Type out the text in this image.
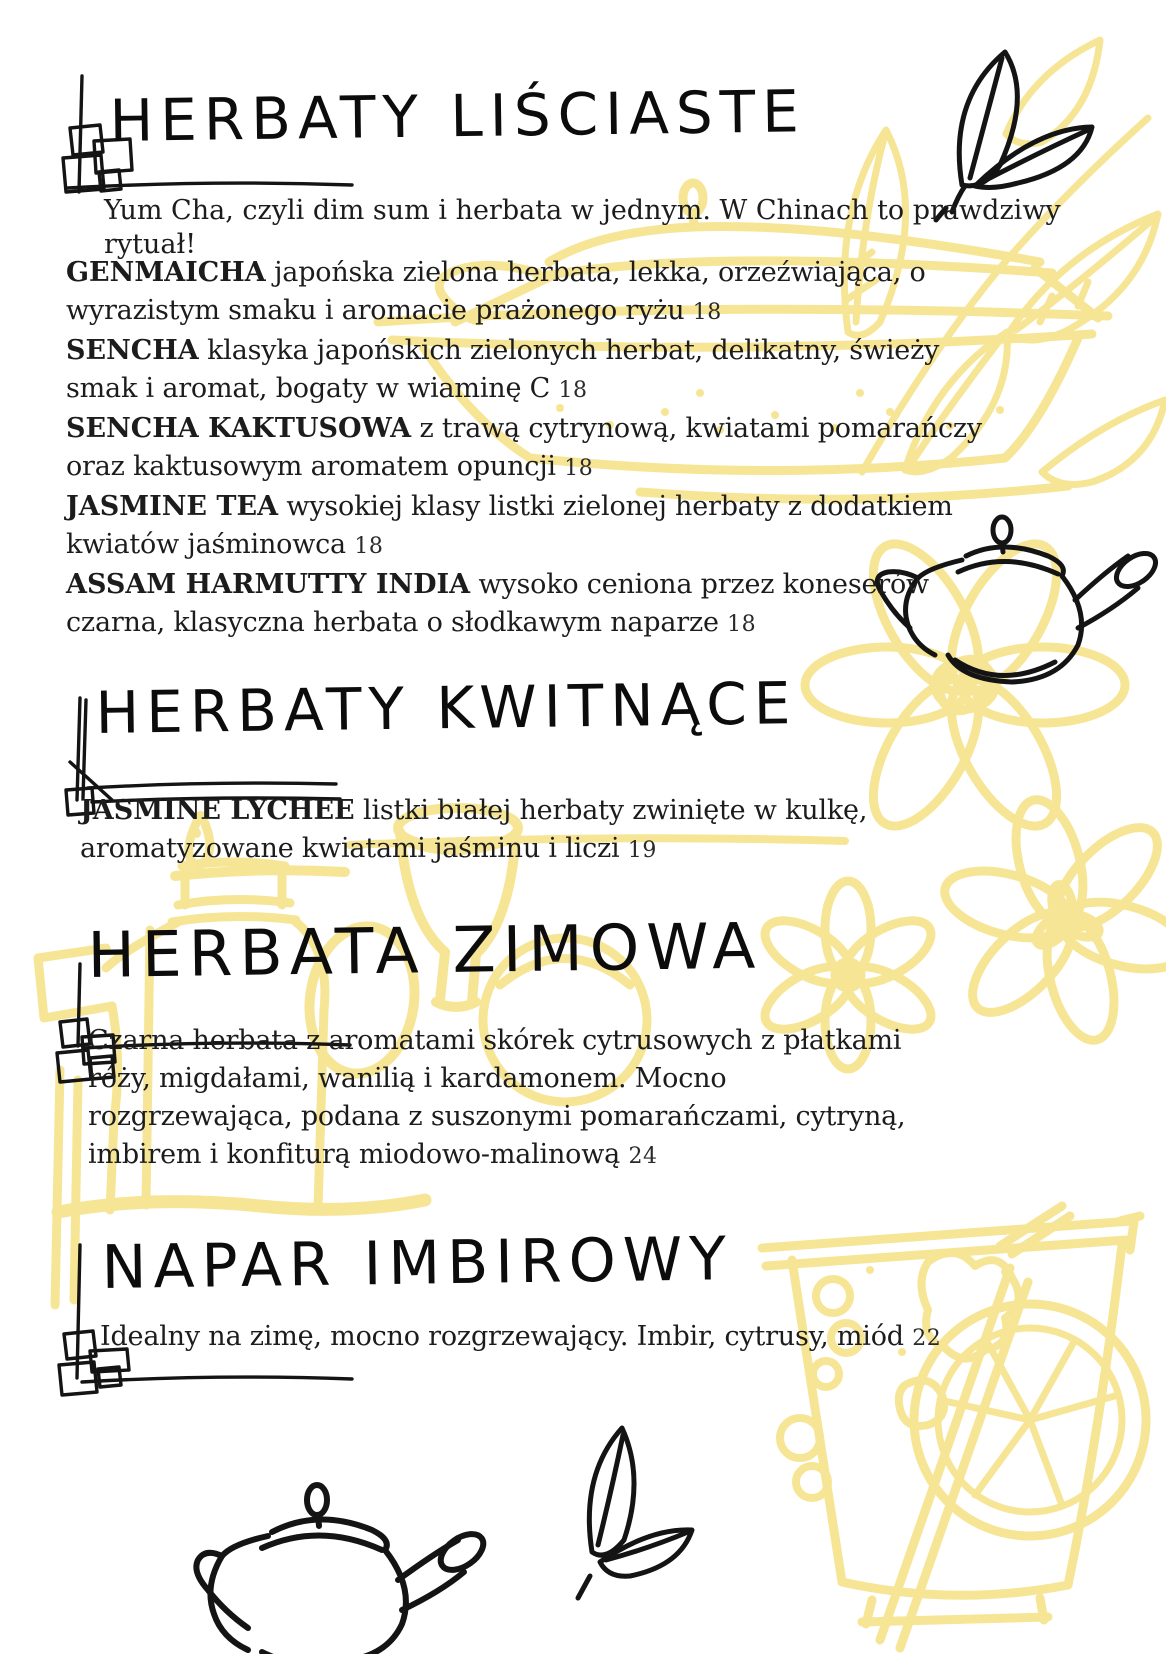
HERBATY LIŚCIASTE

Yum Cha, czyli dim sum i herbata w jednym. W Chinach to prawdziwy rytuał!

GENMAICHA japońska zielona herbata, lekka, orzeźwiająca, o wyrazistym smaku i aromacie prażonego ryżu 18

SENCHA klasyka japońskich zielonych herbat, delikatny, świeży smak i aromat, bogaty w wiaminę C 18

SENCHA KAKTUSOWA z trawą cytrynową, kwiatami pomarańczy oraz kaktusowym aromatem opuncji 18

JASMINE TEA wysokiej klasy listki zielonej herbaty z dodatkiem kwiatów jaśminowca 18

ASSAM HARMUTTY INDIA wysoko ceniona przez koneserów czarna, klasyczna herbata o słodkawym naparze 18

HERBATY KWITNĄCE

JASMINE LYCHEE listki białej herbaty zwinięte w kulkę, aromatyzowane kwiatami jaśminu i liczi 19

HERBATA ZIMOWA

Czarna herbata z aromatami skórek cytrusowych z płatkami róży, migdałami, wanilią i kardamonem. Mocno rozgrzewająca, podana z suszonymi pomarańczami, cytryną, imbirem i konfiturą miodowo-malinową 24

NAPAR IMBIROWY

Idealny na zimę, mocno rozgrzewający. Imbir, cytrusy, miód 22
